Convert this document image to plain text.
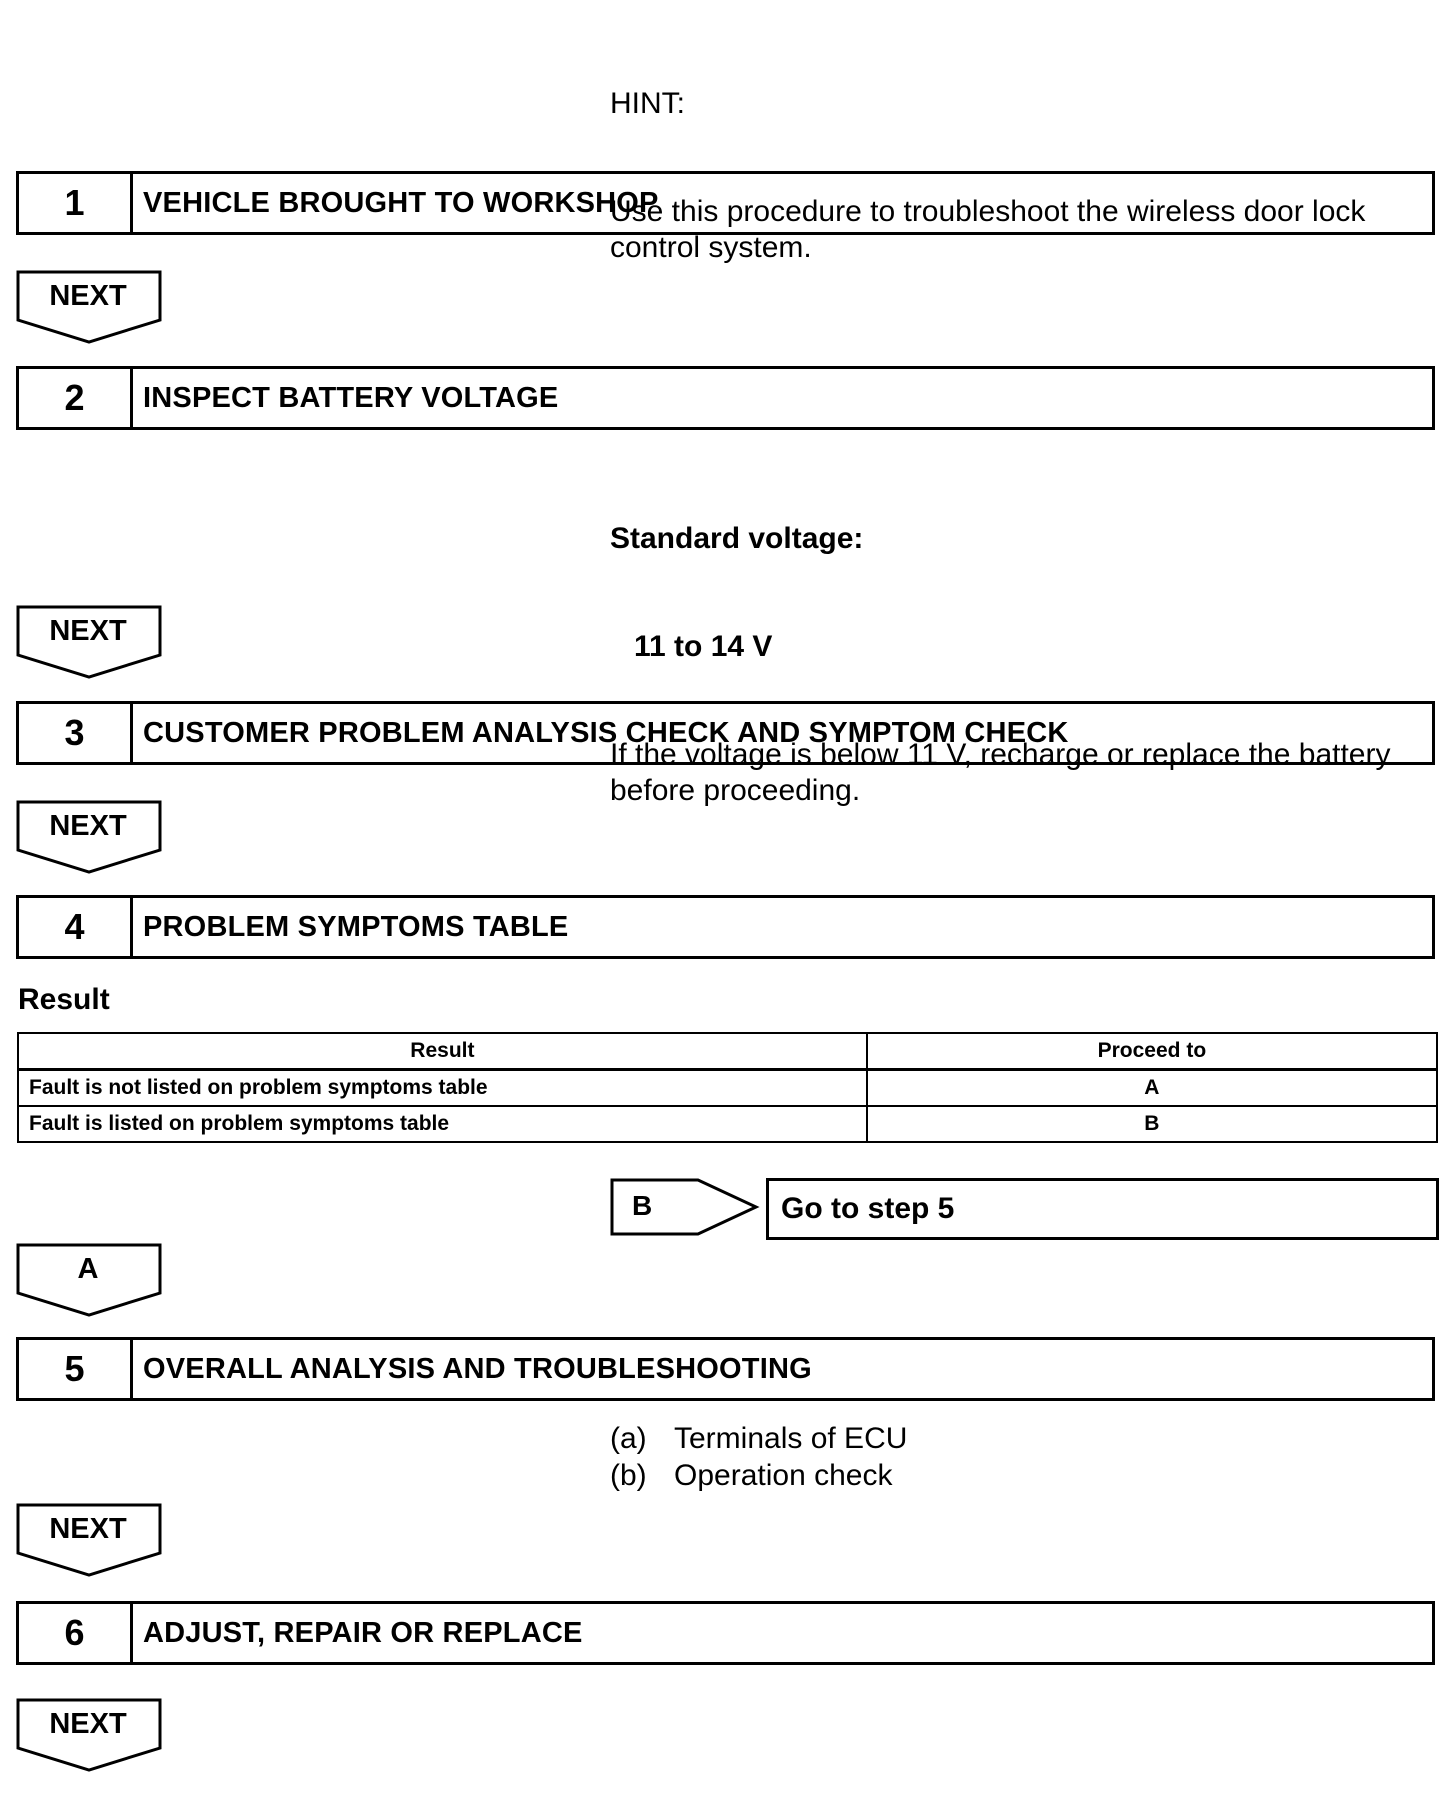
HINT:

Use this procedure to troubleshoot the wireless door lock
control system.

1	VEHICLE BROUGHT TO WORKSHOP
NEXT
2	INSPECT BATTERY VOLTAGE

Standard voltage:

11 to 14 V

If the voltage is below 11 V, recharge or replace the battery
before proceeding.

NEXT
3	CUSTOMER PROBLEM ANALYSIS CHECK AND SYMPTOM CHECK
NEXT
4	PROBLEM SYMPTOMS TABLE
Result
Result	Proceed to
Fault is not listed on problem symptoms table	A
Fault is listed on problem symptoms table	B
B	Go to step 5
A
5	OVERALL ANALYSIS AND TROUBLESHOOTING
(a) Terminals of ECU
(b) Operation check
NEXT
6	ADJUST, REPAIR OR REPLACE
NEXT
